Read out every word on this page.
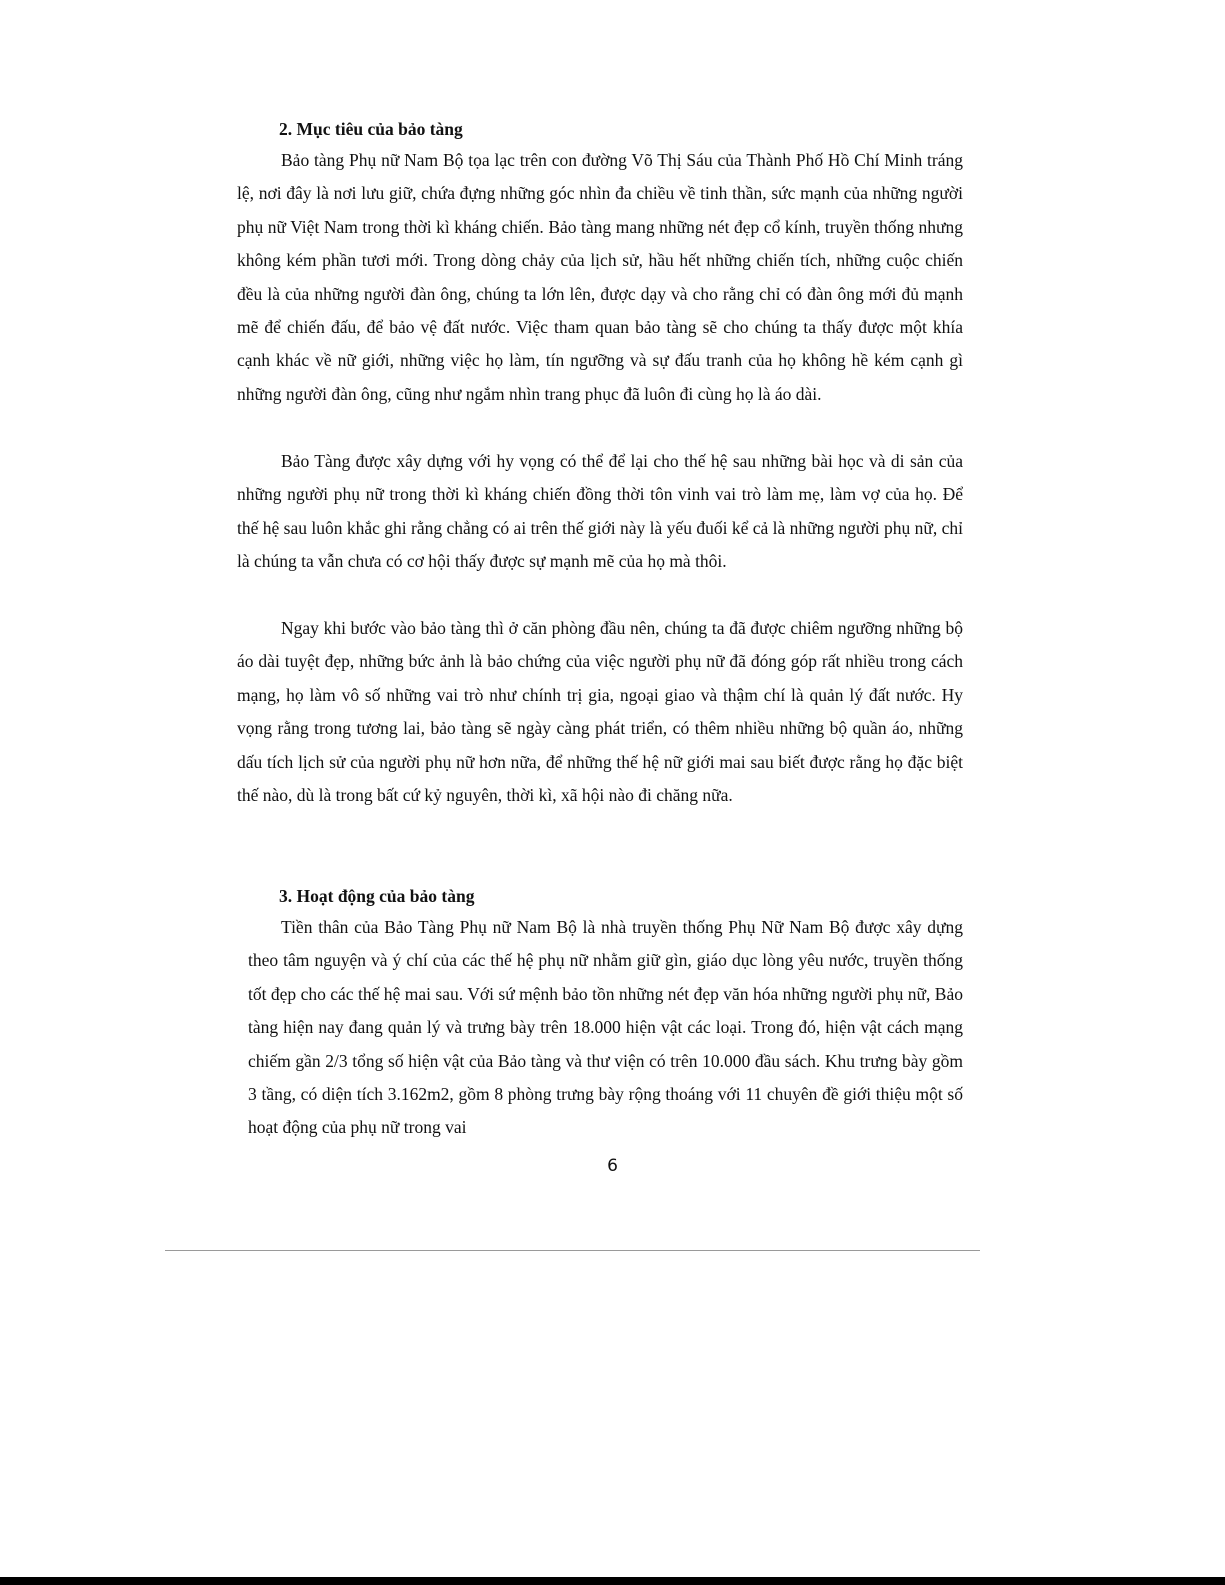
2. Mục tiêu của bảo tàng

Bảo tàng Phụ nữ Nam Bộ tọa lạc trên con đường Võ Thị Sáu của Thành Phố Hồ Chí Minh tráng lệ, nơi đây là nơi lưu giữ, chứa đựng những góc nhìn đa chiều về tinh thần, sức mạnh của những người phụ nữ Việt Nam trong thời kì kháng chiến. Bảo tàng mang những nét đẹp cổ kính, truyền thống nhưng không kém phần tươi mới. Trong dòng chảy của lịch sử, hầu hết những chiến tích, những cuộc chiến đều là của những người đàn ông, chúng ta lớn lên, được dạy và cho rằng chỉ có đàn ông mới đủ mạnh mẽ để chiến đấu, để bảo vệ đất nước. Việc tham quan bảo tàng sẽ cho chúng ta thấy được một khía cạnh khác về nữ giới, những việc họ làm, tín ngưỡng và sự đấu tranh của họ không hề kém cạnh gì những người đàn ông, cũng như ngắm nhìn trang phục đã luôn đi cùng họ là áo dài.

Bảo Tàng được xây dựng với hy vọng có thể để lại cho thế hệ sau những bài học và di sản của những người phụ nữ trong thời kì kháng chiến đồng thời tôn vinh vai trò làm mẹ, làm vợ của họ. Để thế hệ sau luôn khắc ghi rằng chẳng có ai trên thế giới này là yếu đuối kể cả là những người phụ nữ, chỉ là chúng ta vẫn chưa có cơ hội thấy được sự mạnh mẽ của họ mà thôi.

Ngay khi bước vào bảo tàng thì ở căn phòng đầu nên, chúng ta đã được chiêm ngưỡng những bộ áo dài tuyệt đẹp, những bức ảnh là bảo chứng của việc người phụ nữ đã đóng góp rất nhiều trong cách mạng, họ làm vô số những vai trò như chính trị gia, ngoại giao và thậm chí là quản lý đất nước. Hy vọng rằng trong tương lai, bảo tàng sẽ ngày càng phát triển, có thêm nhiều những bộ quần áo, những dấu tích lịch sử của người phụ nữ hơn nữa, để những thế hệ nữ giới mai sau biết được rằng họ đặc biệt thế nào, dù là trong bất cứ kỷ nguyên, thời kì, xã hội nào đi chăng nữa.

3. Hoạt động của bảo tàng

Tiền thân của Bảo Tàng Phụ nữ Nam Bộ là nhà truyền thống Phụ Nữ Nam Bộ được xây dựng theo tâm nguyện và ý chí của các thế hệ phụ nữ nhằm giữ gìn, giáo dục lòng yêu nước, truyền thống tốt đẹp cho các thế hệ mai sau. Với sứ mệnh bảo tồn những nét đẹp văn hóa những người phụ nữ, Bảo tàng hiện nay đang quản lý và trưng bày trên 18.000 hiện vật các loại. Trong đó, hiện vật cách mạng chiếm gần 2/3 tổng số hiện vật của Bảo tàng và thư viện có trên 10.000 đầu sách. Khu trưng bày gồm 3 tầng, có diện tích 3.162m2, gồm 8 phòng trưng bày rộng thoáng với 11 chuyên đề giới thiệu một số hoạt động của phụ nữ trong vai

6
